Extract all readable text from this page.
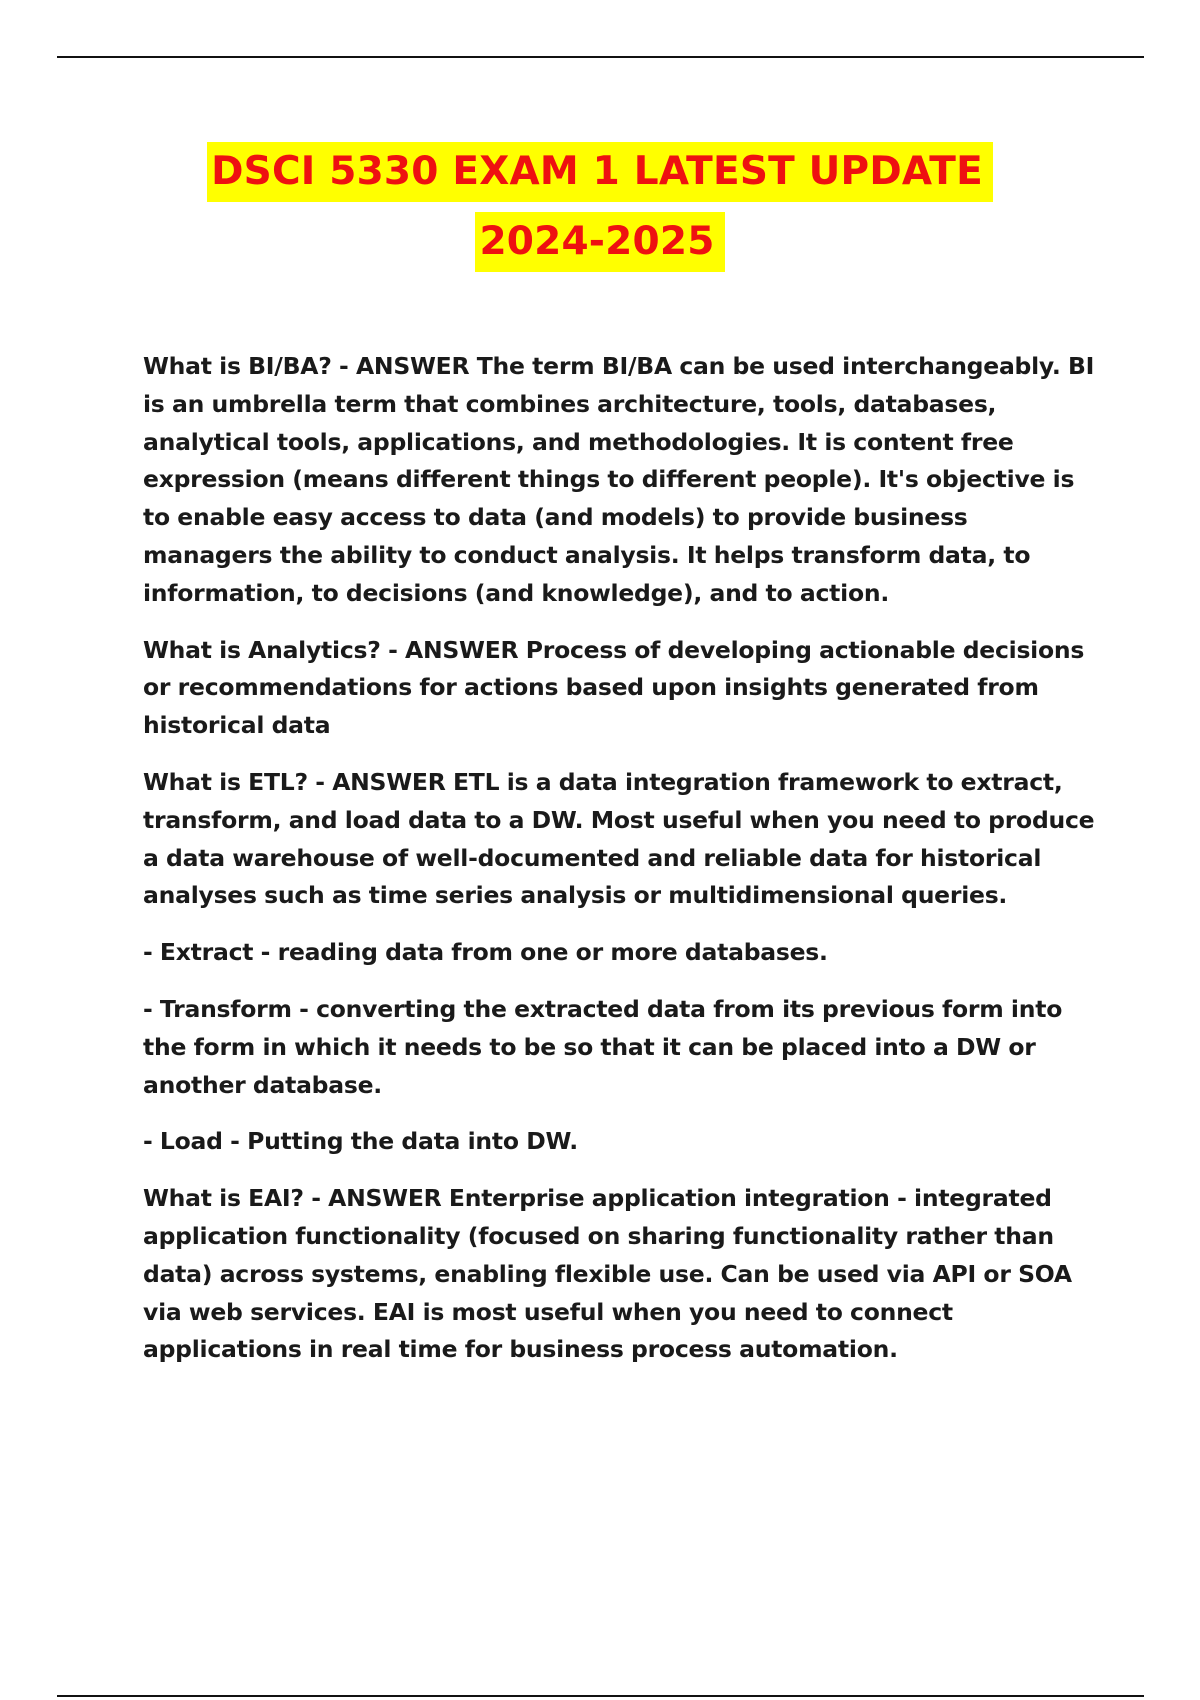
DSCI 5330 EXAM 1 LATEST UPDATE
2024-2025

What is BI/BA? - ANSWER The term BI/BA can be used interchangeably. BI is an umbrella term that combines architecture, tools, databases, analytical tools, applications, and methodologies. It is content free expression (means different things to different people). It's objective is to enable easy access to data (and models) to provide business managers the ability to conduct analysis. It helps transform data, to information, to decisions (and knowledge), and to action.

What is Analytics? - ANSWER Process of developing actionable decisions or recommendations for actions based upon insights generated from historical data

What is ETL? - ANSWER ETL is a data integration framework to extract, transform, and load data to a DW. Most useful when you need to produce a data warehouse of well-documented and reliable data for historical analyses such as time series analysis or multidimensional queries.

- Extract - reading data from one or more databases.

- Transform - converting the extracted data from its previous form into the form in which it needs to be so that it can be placed into a DW or another database.

- Load - Putting the data into DW.

What is EAI? - ANSWER Enterprise application integration - integrated application functionality (focused on sharing functionality rather than data) across systems, enabling flexible use. Can be used via API or SOA via web services. EAI is most useful when you need to connect applications in real time for business process automation.
